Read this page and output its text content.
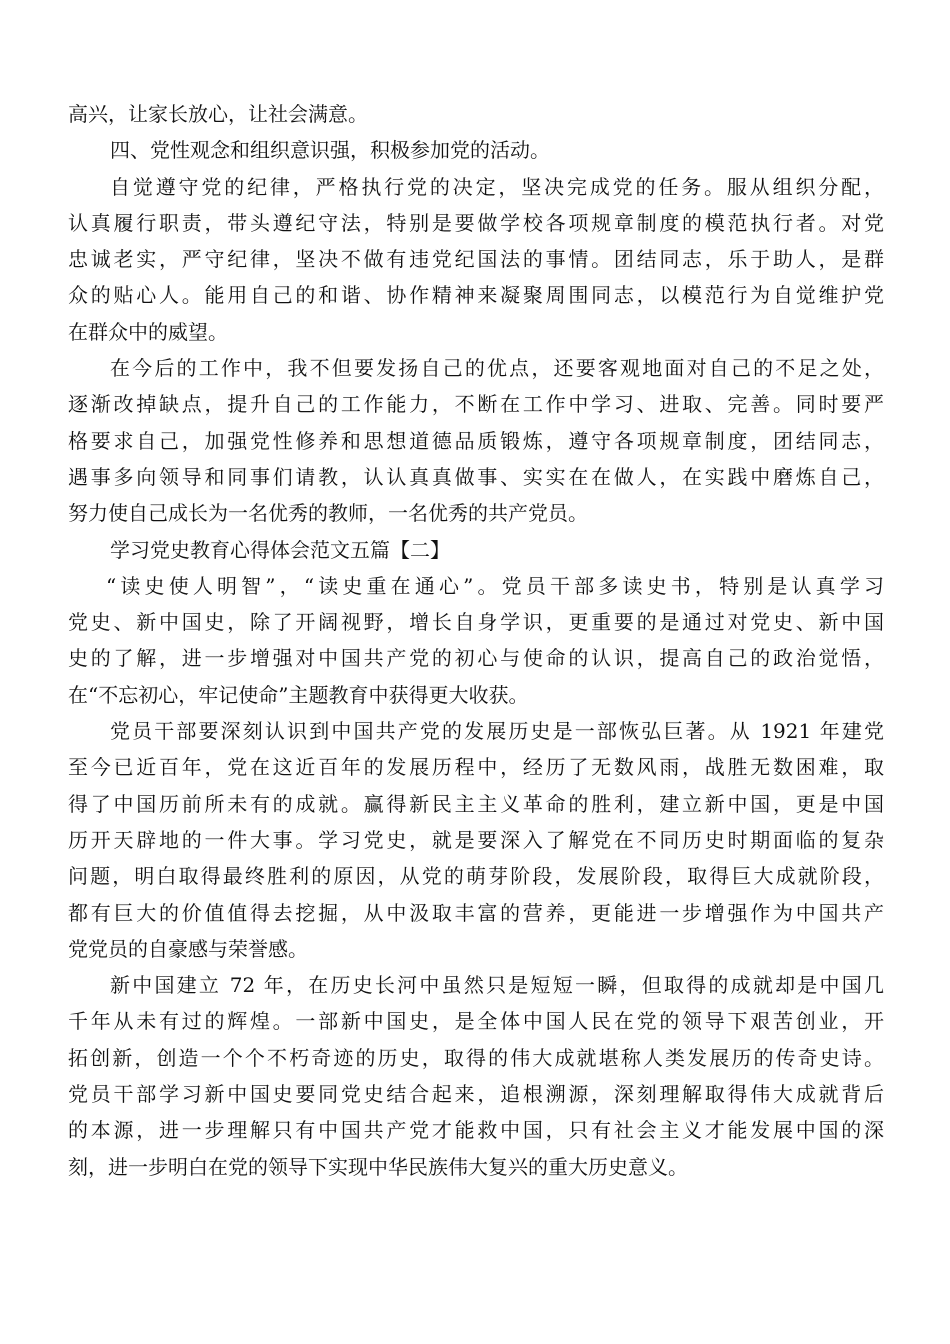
高兴，让家长放心，让社会满意。
四、党性观念和组织意识强，积极参加党的活动。
自觉遵守党的纪律，严格执行党的决定，坚决完成党的任务。服从组织分配，
认真履行职责，带头遵纪守法，特别是要做学校各项规章制度的模范执行者。对党
忠诚老实，严守纪律，坚决不做有违党纪国法的事情。团结同志，乐于助人，是群
众的贴心人。能用自己的和谐、协作精神来凝聚周围同志，以模范行为自觉维护党
在群众中的威望。
在今后的工作中，我不但要发扬自己的优点，还要客观地面对自己的不足之处，
逐渐改掉缺点，提升自己的工作能力，不断在工作中学习、进取、完善。同时要严
格要求自己，加强党性修养和思想道德品质锻炼，遵守各项规章制度，团结同志，
遇事多向领导和同事们请教，认认真真做事、实实在在做人，在实践中磨炼自己，
努力使自己成长为一名优秀的教师，一名优秀的共产党员。
学习党史教育心得体会范文五篇【二】
“读史使人明智”，“读史重在通心”。党员干部多读史书，特别是认真学习
党史、新中国史，除了开阔视野，增长自身学识，更重要的是通过对党史、新中国
史的了解，进一步增强对中国共产党的初心与使命的认识，提高自己的政治觉悟，
在“不忘初心，牢记使命”主题教育中获得更大收获。
党员干部要深刻认识到中国共产党的发展历史是一部恢弘巨著。从 1921 年建党
至今已近百年，党在这近百年的发展历程中，经历了无数风雨，战胜无数困难，取
得了中国历前所未有的成就。赢得新民主主义革命的胜利，建立新中国，更是中国
历开天辟地的一件大事。学习党史，就是要深入了解党在不同历史时期面临的复杂
问题，明白取得最终胜利的原因，从党的萌芽阶段，发展阶段，取得巨大成就阶段，
都有巨大的价值值得去挖掘，从中汲取丰富的营养，更能进一步增强作为中国共产
党党员的自豪感与荣誉感。
新中国建立 72 年，在历史长河中虽然只是短短一瞬，但取得的成就却是中国几
千年从未有过的辉煌。一部新中国史，是全体中国人民在党的领导下艰苦创业，开
拓创新，创造一个个不朽奇迹的历史，取得的伟大成就堪称人类发展历的传奇史诗。
党员干部学习新中国史要同党史结合起来，追根溯源，深刻理解取得伟大成就背后
的本源，进一步理解只有中国共产党才能救中国，只有社会主义才能发展中国的深
刻，进一步明白在党的领导下实现中华民族伟大复兴的重大历史意义。
